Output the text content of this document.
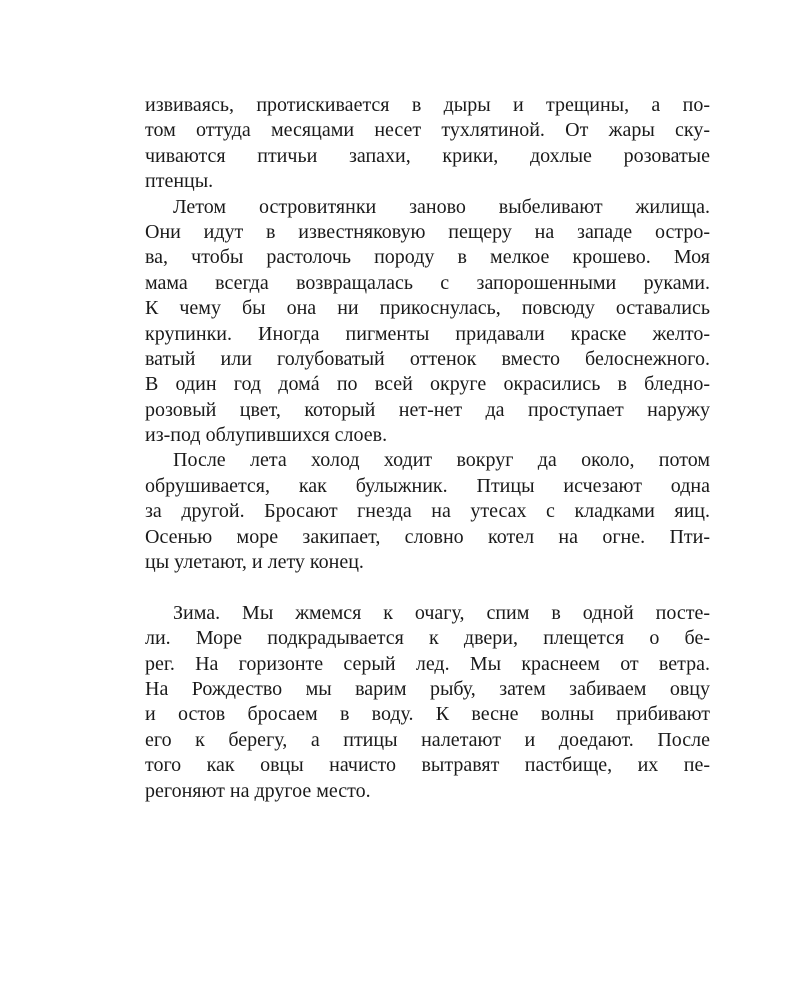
извиваясь, протискивается в дыры и трещины, а по-
том оттуда месяцами несет тухлятиной. От жары ску-
чиваются птичьи запахи, крики, дохлые розоватые
птенцы.
Летом островитянки заново выбеливают жилища.
Они идут в известняковую пещеру на западе остро-
ва, чтобы растолочь породу в мелкое крошево. Моя
мама всегда возвращалась с запорошенными руками.
К чему бы она ни прикоснулась, повсюду оставались
крупинки. Иногда пигменты придавали краске желто-
ватый или голубоватый оттенок вместо белоснежного.
В один год домá по всей округе окрасились в бледно-
розовый цвет, который нет-нет да проступает наружу
из-под облупившихся слоев.
После лета холод ходит вокруг да около, потом
обрушивается, как булыжник. Птицы исчезают одна
за другой. Бросают гнезда на утесах с кладками яиц.
Осенью море закипает, словно котел на огне. Пти-
цы улетают, и лету конец.
Зима. Мы жмемся к очагу, спим в одной посте-
ли. Море подкрадывается к двери, плещется о бе-
рег. На горизонте серый лед. Мы краснеем от ветра.
На Рождество мы варим рыбу, затем забиваем овцу
и остов бросаем в воду. К весне волны прибивают
его к берегу, а птицы налетают и доедают. После
того как овцы начисто вытравят пастбище, их пе-
регоняют на другое место.
